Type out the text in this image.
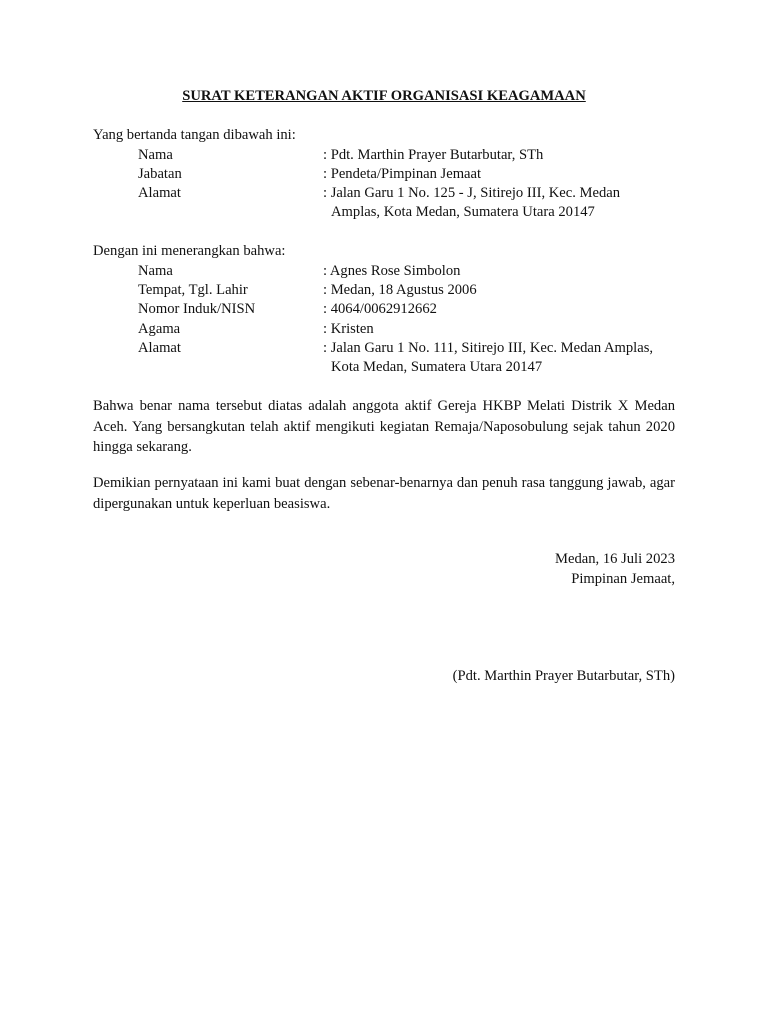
SURAT KETERANGAN AKTIF ORGANISASI KEAGAMAAN
Yang bertanda tangan dibawah ini:
Nama	: Pdt. Marthin Prayer Butarbutar, STh
Jabatan	: Pendeta/Pimpinan Jemaat
Alamat	: Jalan Garu 1 No. 125 - J, Sitirejo III, Kec. Medan
Amplas, Kota Medan, Sumatera Utara 20147
Dengan ini menerangkan bahwa:
Nama	: Agnes Rose Simbolon
Tempat, Tgl. Lahir	: Medan, 18 Agustus 2006
Nomor Induk/NISN	: 4064/0062912662
Agama	: Kristen
Alamat	: Jalan Garu 1 No. 111, Sitirejo III, Kec. Medan Amplas,
Kota Medan, Sumatera Utara 20147
Bahwa benar nama tersebut diatas adalah anggota aktif Gereja HKBP Melati Distrik X Medan Aceh. Yang bersangkutan telah aktif mengikuti kegiatan Remaja/Naposobulung sejak tahun 2020 hingga sekarang.
Demikian pernyataan ini kami buat dengan sebenar-benarnya dan penuh rasa tanggung jawab, agar dipergunakan untuk keperluan beasiswa.
Medan, 16 Juli 2023
Pimpinan Jemaat,
(Pdt. Marthin Prayer Butarbutar, STh)
